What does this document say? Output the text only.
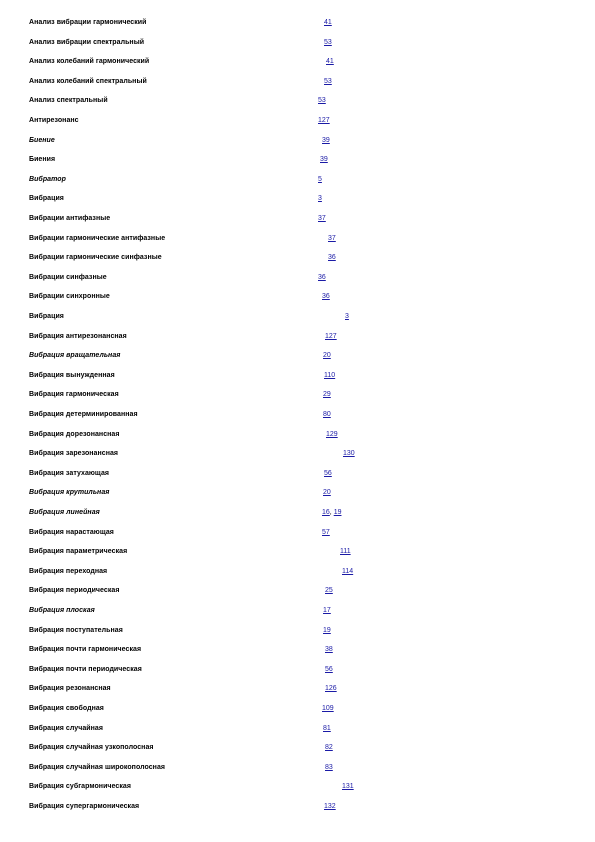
Анализ вибрации гармонический	41
Анализ вибрации спектральный	53
Анализ колебаний гармонический	41
Анализ колебаний спектральный	53
Анализ спектральный	53
Антирезонанс	127
Биение	39
Биения	39
Вибратор	5
Вибрация	3
Вибрации антифазные	37
Вибрации гармонические антифазные	37
Вибрации гармонические синфазные	36
Вибрации синфазные	36
Вибрации синхронные	36
Вибрация	3
Вибрация антирезонансная	127
Вибрация вращательная	20
Вибрация вынужденная	110
Вибрация гармоническая	29
Вибрация детерминированная	80
Вибрация дорезонансная	129
Вибрация зарезонансная	130
Вибрация затухающая	56
Вибрация крутильная	20
Вибрация линейная	16, 19
Вибрация нарастающая	57
Вибрация параметрическая	111
Вибрация переходная	114
Вибрация периодическая	25
Вибрация плоская	17
Вибрация поступательная	19
Вибрация почти гармоническая	38
Вибрация почти периодическая	56
Вибрация резонансная	126
Вибрация свободная	109
Вибрация случайная	81
Вибрация случайная узкополосная	82
Вибрация случайная широкополосная	83
Вибрация субгармоническая	131
Вибрация супергармоническая	132
